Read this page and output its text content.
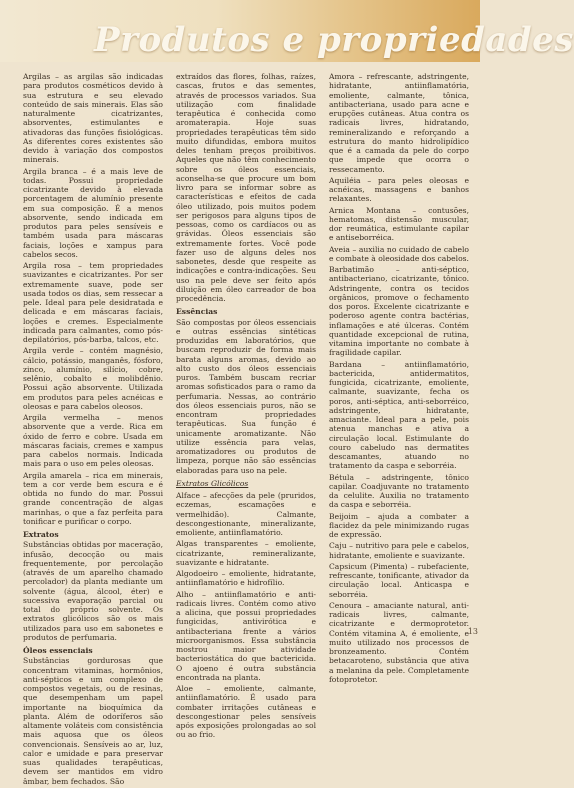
Produtos e propriedades

Argilas – as argilas são indicadas para produtos cosméticos devido à sua estrutura e seu elevado conteúdo de sais minerais. Elas são naturalmente cicatrizantes, absorventes, estimulantes e ativadoras das funções fisiológicas. As diferentes cores existentes são devido à variação dos compostos minerais.

Argila branca – é a mais leve de todas. Possui propriedade cicatrizante devido à elevada porcentagem de alumínio presente em sua composição. É a menos absorvente, sendo indicada em produtos para peles sensíveis e também usada para máscaras faciais, loções e xampus para cabelos secos.

Argila rosa – tem propriedades suavizantes e cicatrizantes. Por ser extremamente suave, pode ser usada todos os dias, sem ressecar a pele. Ideal para pele desidratada e delicada e em máscaras faciais, loções e cremes. Especialmente indicada para calmantes, como pós-depilatórios, pós-barba, talcos, etc.

Argila verde – contém magnésio, cálcio, potássio, manganês, fósforo, zinco, alumínio, silício, cobre, selênio, cobalto e molibdênio. Possui ação absorvente. Utilizada em produtos para peles acnéicas e oleosas e para cabelos oleosos.

Argila vermelha – menos absorvente que a verde. Rica em óxido de ferro e cobre. Usada em máscaras faciais, cremes e xampus para cabelos normais. Indicada mais para o uso em peles oleosas.

Argila amarela – rica em minerais, tem a cor verde bem escura e é obtida no fundo do mar. Possui grande concentração de algas marinhas, o que a faz perfeita para tonificar e purificar o corpo.

Extratos

Substâncias obtidas por maceração, infusão, decocção ou mais frequentemente, por percolação (através de um aparelho chamado percolador) da planta mediante um solvente (água, álcool, éter) e sucessiva evaporação parcial ou total do próprio solvente. Os extratos glicólicos são os mais utilizados para uso em sabonetes e produtos de perfumaria.

Óleos essenciais

Substâncias gordurosas que concentram vitaminas, hormônios, anti-sépticos e um complexo de compostos vegetais, ou de resinas, que desempenham um papel importante na bioquímica da planta. Além de odoríferos são altamente voláteis com consistência mais aquosa que os óleos convencionais. Sensíveis ao ar, luz, calor e umidade e para preservar suas qualidades terapêuticas, devem ser mantidos em vidro âmbar, bem fechados. São

extraídos das flores, folhas, raízes, cascas, frutos e das sementes, através de processos variados. Sua utilização com finalidade terapêutica é conhecida como aromaterapia. Hoje suas propriedades terapêuticas têm sido muito difundidas, embora muitos deles tenham preços proibitivos. Aqueles que não têm conhecimento sobre os óleos essenciais, aconselha-se que procure um bom livro para se informar sobre as características e efeitos de cada óleo utilizado, pois muitos podem ser perigosos para alguns tipos de pessoas, como os cardíacos ou as grávidas. Óleos essenciais são extremamente fortes. Você pode fazer uso de alguns deles nos sabonetes, desde que respeite as indicações e contra-indicações. Seu uso na pele deve ser feito após diluição em óleo carreador de boa procedência.

Essências

São compostas por óleos essenciais e outras essências sintéticas produzidas em laboratórios, que buscam reproduzir de forma mais barata alguns aromas, devido ao alto custo dos óleos essenciais puros. Também buscam recriar aromas sofisticados para o ramo da perfumaria. Nessas, ao contrário dos óleos essenciais puros, não se encontram propriedades terapêuticas. Sua função é unicamente aromatizante. Não utilize essência para velas, aromatizadores ou produtos de limpeza, porque não são essências elaboradas para uso na pele.

Extratos Glicólicos

Alface – afecções da pele (pruridos, eczemas, escamações e vermelhidão). Calmante, descongestionante, mineralizante, emoliente, antiinflamatório.

Algas transparentes – emoliente, cicatrizante, remineralizante, suavizante e hidratante.

Algodoeiro – emoliente, hidratante, antiinflamatório e hidrofílio.

Alho – antiinflamatório e anti-radicais livres. Contém como ativo a alicina, que possui propriedades fungicidas, antivirótica e antibacteriana frente a vários microorganismos. Essa substância mostrou maior atividade bacteriostática do que bactericida. O ajoeno é outra substância encontrada na planta.

Aloe – emoliente, calmante, antiinflamatório. É usado para combater irritações cutâneas e descongestionar peles sensíveis após exposições prolongadas ao sol ou ao frio.

Amora – refrescante, adstringente, hidratante, antiinflamatória, emoliente, calmante, tônica, antibacteriana, usado para acne e erupções cutâneas. Atua contra os radicais livres, hidratando, remineralizando e reforçando a estrutura do manto hidrolipídico que é a camada da pele do corpo que impede que ocorra o ressecamento.

Aquiléia – para peles oleosas e acnéicas, massagens e banhos relaxantes.

Arnica Montana – contusões, hematomas, distensão muscular, dor reumática, estimulante capilar e antiseborréica.

Aveia – auxilia no cuidado de cabelo e combate à oleosidade dos cabelos.

Barbatimão – anti-séptico, antibacteriano, cicatrizante, tônico. Adstringente, contra os tecidos orgânicos, promove o fechamento dos poros. Excelente cicatrizante e poderoso agente contra bactérias, inflamações e até úlceras. Contém quantidade excepcional de rutina, vitamina importante no combate à fragilidade capilar.

Bardana – antiinflamatório, bactericida, antidermatitos, fungicida, cicatrizante, emoliente, calmante, suavizante, fecha os poros, anti-séptica, anti-seborréico, adstringente, hidratante, amaciante. Ideal para a pele, pois atenua manchas e ativa a circulação local. Estimulante do couro cabeludo nas dermatites descamantes, atuando no tratamento da caspa e seborréia.

Bétula – adstringente, tônico capilar. Coadjuvante no tratamento da celulite. Auxilia no tratamento da caspa e seborréia.

Beijoim – ajuda a combater a flacidez da pele minimizando rugas de expressão.

Caju – nutritivo para pele e cabelos, hidratante, emoliente e suavizante.

Capsicum (Pimenta) – rubefaciente, refrescante, tonificante, ativador da circulação local. Anticaspa e seborréia.

Cenoura – amaciante natural, anti-radicais livres, calmante, cicatrizante e dermoprotetor. Contém vitamina A, é emoliente, e muito utilizado nos processos de bronzeamento. Contém betacaroteno, substância que ativa a melanina da pele. Completamente fotoprotetor.

13
